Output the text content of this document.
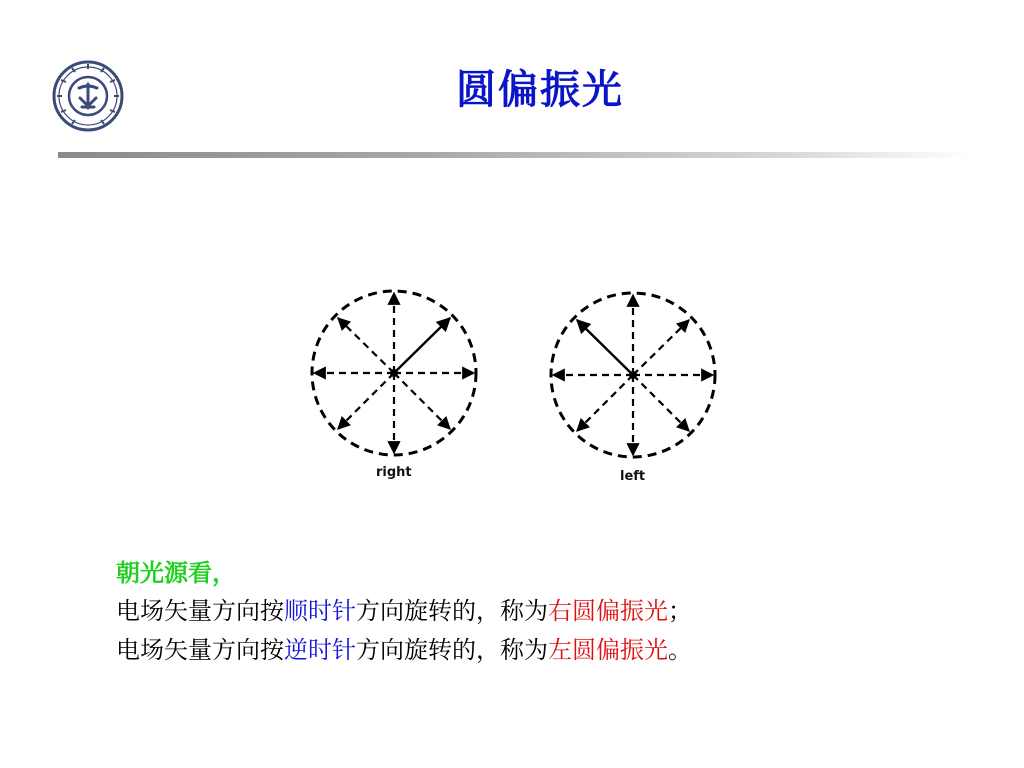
圆偏振光
right	left
朝光源看，
电场矢量方向按顺时针方向旋转的，称为右圆偏振光；
电场矢量方向按逆时针方向旋转的，称为左圆偏振光。
